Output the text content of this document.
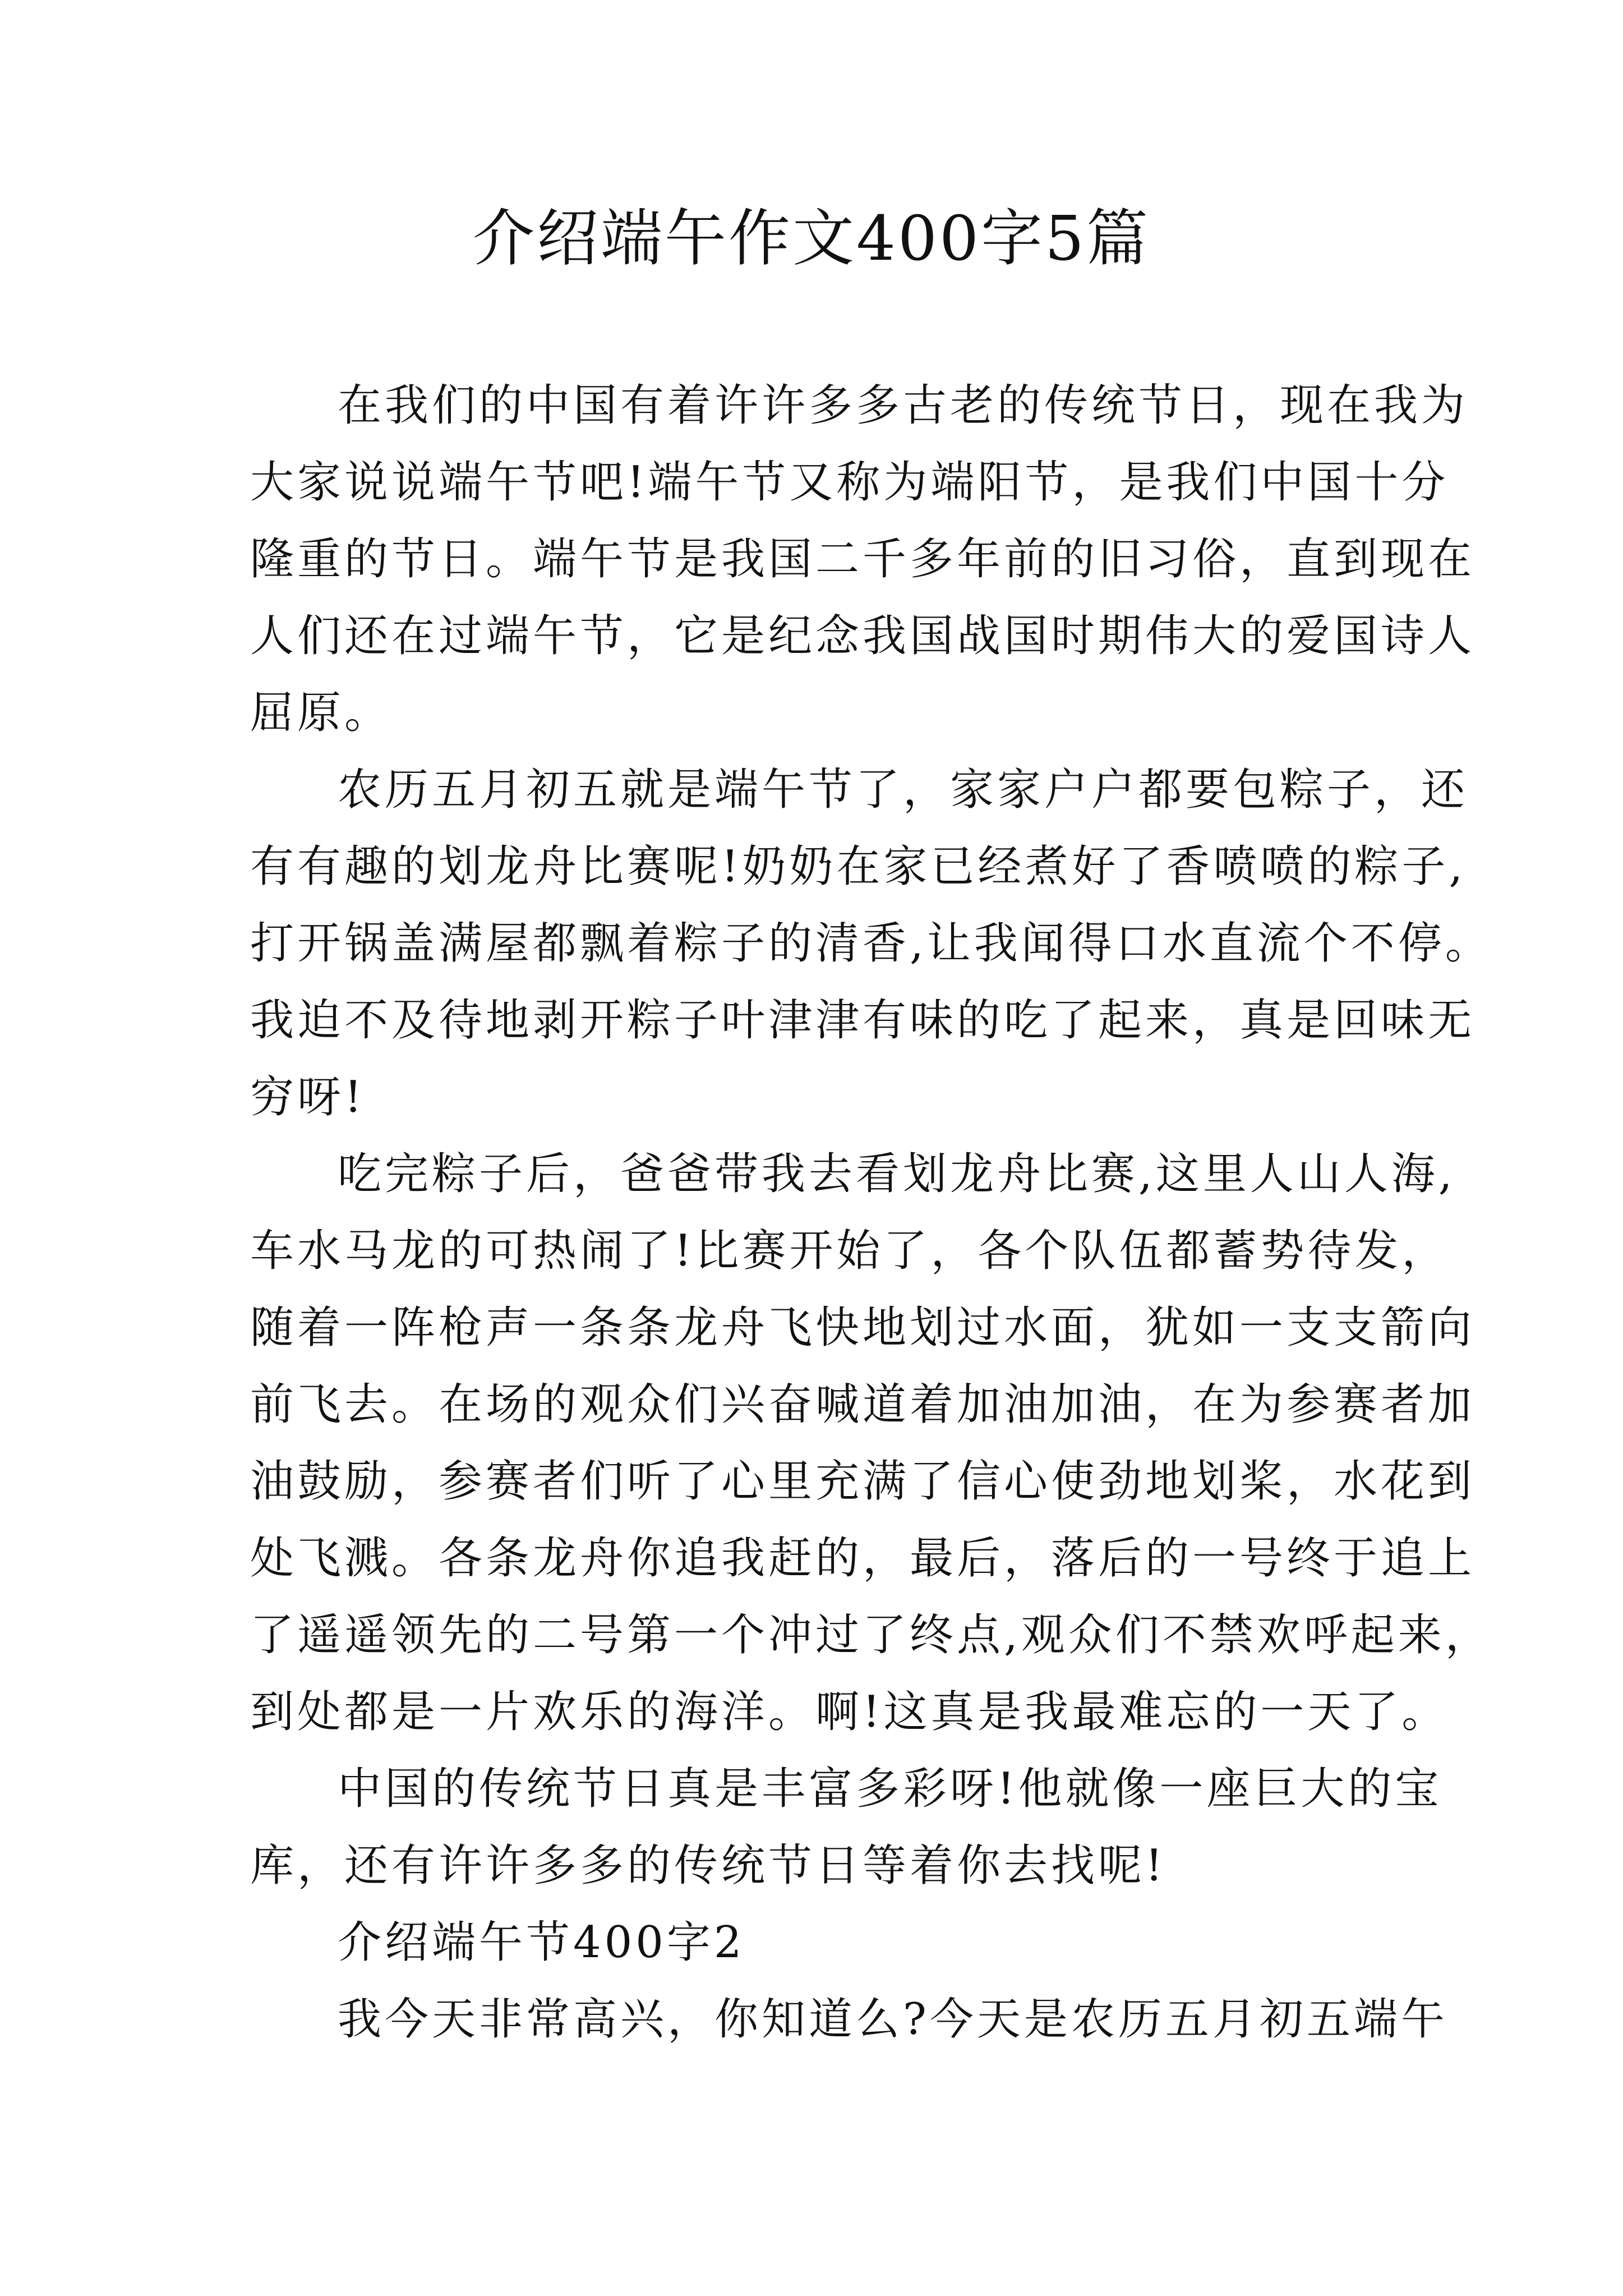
介绍端午作文400字5篇
在我们的中国有着许许多多古老的传统节日，现在我为
大家说说端午节吧!端午节又称为端阳节，是我们中国十分
隆重的节日。端午节是我国二千多年前的旧习俗，直到现在
人们还在过端午节，它是纪念我国战国时期伟大的爱国诗人
屈原。
农历五月初五就是端午节了，家家户户都要包粽子，还
有有趣的划龙舟比赛呢!奶奶在家已经煮好了香喷喷的粽子,
打开锅盖满屋都飘着粽子的清香,让我闻得口水直流个不停。
我迫不及待地剥开粽子叶津津有味的吃了起来，真是回味无
穷呀!
吃完粽子后，爸爸带我去看划龙舟比赛,这里人山人海,
车水马龙的可热闹了!比赛开始了，各个队伍都蓄势待发，
随着一阵枪声一条条龙舟飞快地划过水面，犹如一支支箭向
前飞去。在场的观众们兴奋喊道着加油加油，在为参赛者加
油鼓励，参赛者们听了心里充满了信心使劲地划桨，水花到
处飞溅。各条龙舟你追我赶的，最后，落后的一号终于追上
了遥遥领先的二号第一个冲过了终点,观众们不禁欢呼起来，
到处都是一片欢乐的海洋。啊!这真是我最难忘的一天了。
中国的传统节日真是丰富多彩呀!他就像一座巨大的宝
库，还有许许多多的传统节日等着你去找呢!
介绍端午节400字2
我今天非常高兴，你知道么?今天是农历五月初五端午
